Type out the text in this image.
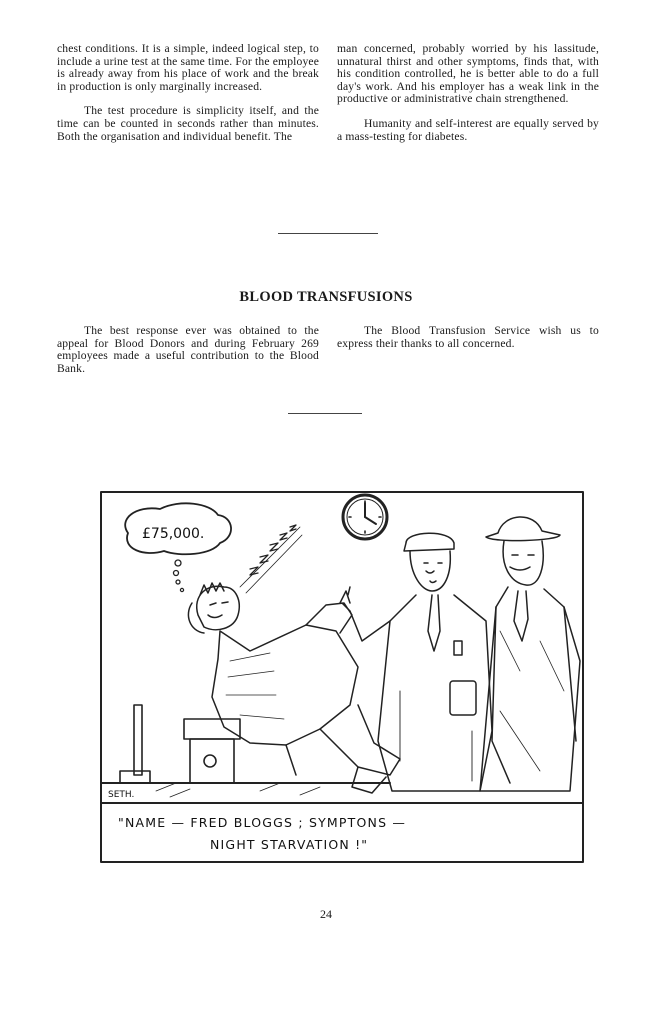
chest conditions. It is a simple, indeed logical step, to include a urine test at the same time. For the employee is already away from his place of work and the break in production is only marginally increased.

The test procedure is simplicity itself, and the time can be counted in seconds rather than minutes. Both the organisation and individual benefit. The

man concerned, probably worried by his lassitude, unnatural thirst and other symptoms, finds that, with his condition controlled, he is better able to do a full day's work. And his employer has a weak link in the productive or administrative chain strengthened.

Humanity and self-interest are equally served by a mass-testing for diabetes.

BLOOD TRANSFUSIONS

The best response ever was obtained to the appeal for Blood Donors and during February 269 employees made a useful contribution to the Blood Bank.

The Blood Transfusion Service wish us to express their thanks to all concerned.

£75,000.
SETH.
"NAME — FRED BLOGGS ; SYMPTONS —
NIGHT STARVATION !"
24
